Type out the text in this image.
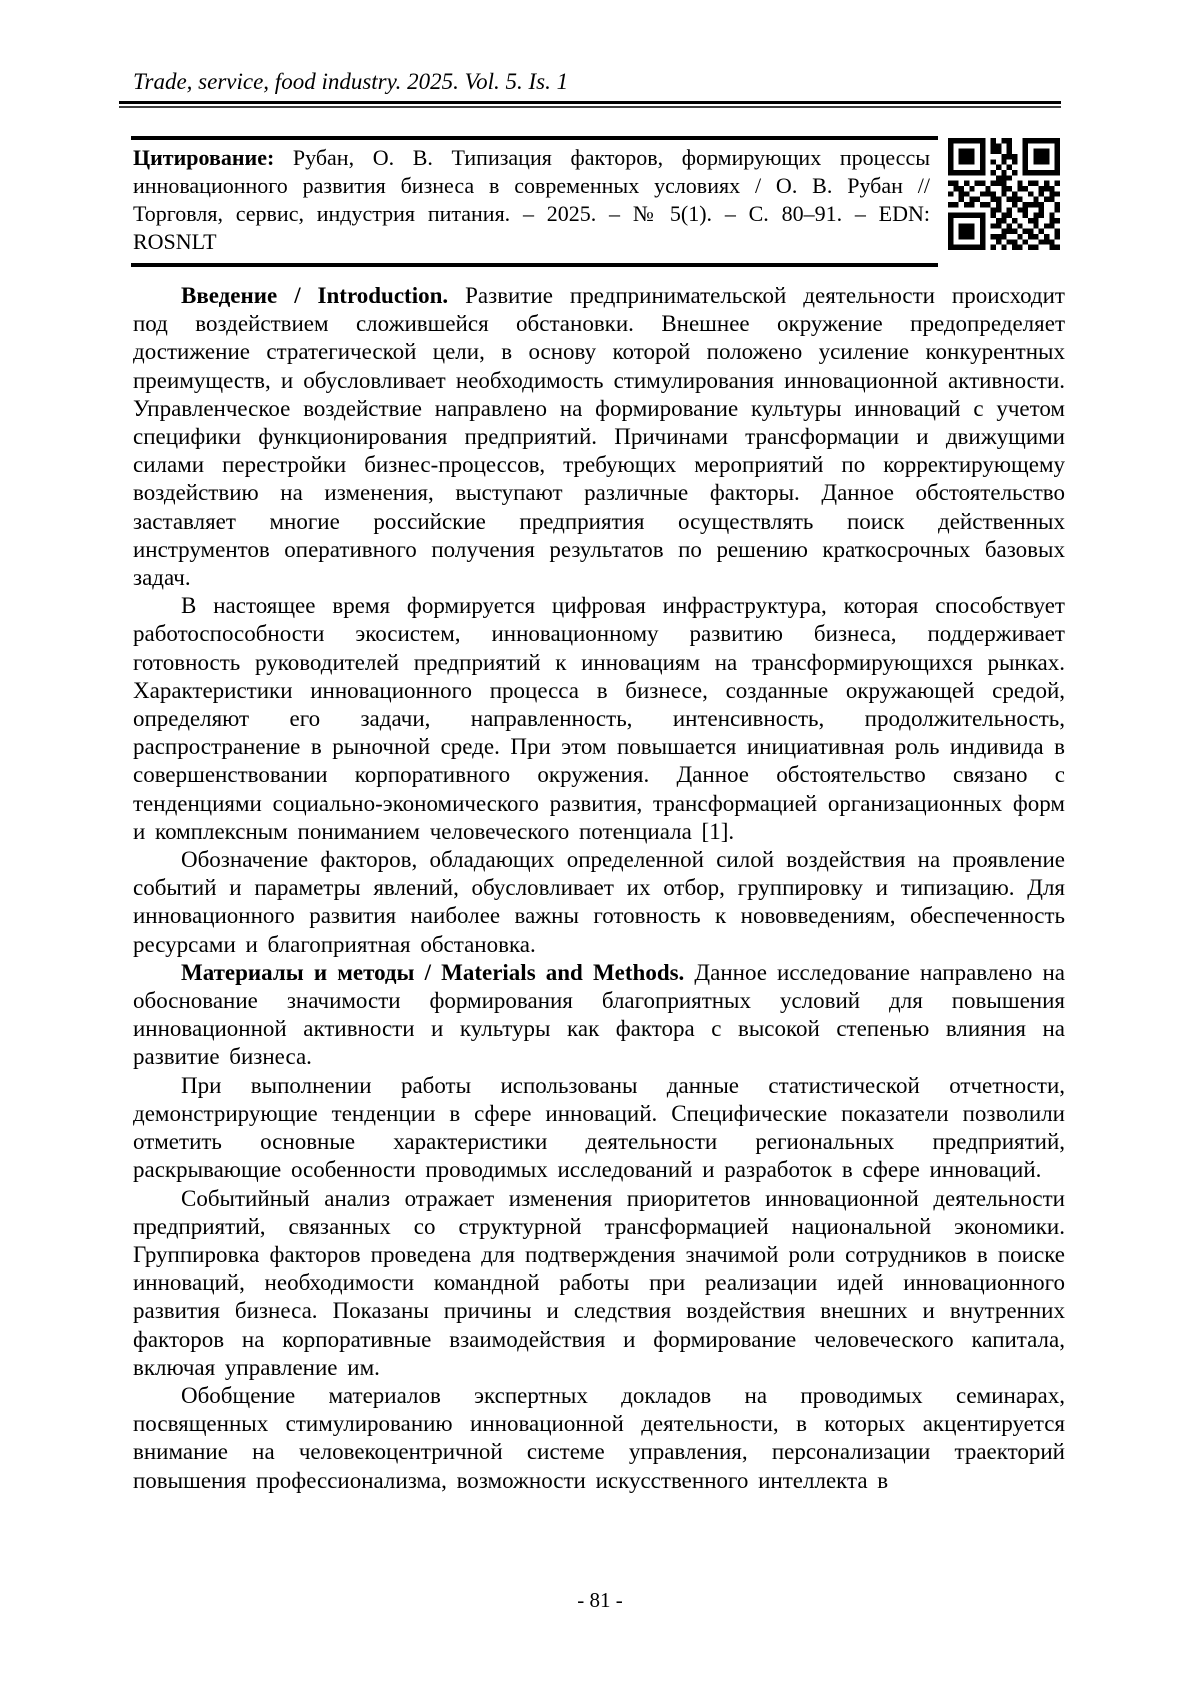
Trade, service, food industry. 2025. Vol. 5. Is. 1
Цитирование: Рубан, О. В. Типизация факторов, формирующих процессы инновационного развития бизнеса в современных условиях / О. В. Рубан // Торговля, сервис, индустрия питания. – 2025. – № 5(1). – С. 80–91. – EDN: ROSNLT

Введение / Introduction. Развитие предпринимательской деятельности происходит под воздействием сложившейся обстановки. Внешнее окружение предопределяет достижение стратегической цели, в основу которой положено усиление конкурентных преимуществ, и обусловливает необходимость стимулирования инновационной активности. Управленческое воздействие направлено на формирование культуры инноваций с учетом специфики функционирования предприятий. Причинами трансформации и движущими силами перестройки бизнес-процессов, требующих мероприятий по корректирующему воздействию на изменения, выступают различные факторы. Данное обстоятельство заставляет многие российские предприятия осуществлять поиск действенных инструментов оперативного получения результатов по решению краткосрочных базовых задач.

В настоящее время формируется цифровая инфраструктура, которая способствует работоспособности экосистем, инновационному развитию бизнеса, поддерживает готовность руководителей предприятий к инновациям на трансформирующихся рынках. Характеристики инновационного процесса в бизнесе, созданные окружающей средой, определяют его задачи, направленность, интенсивность, продолжительность, распространение в рыночной среде. При этом повышается инициативная роль индивида в совершенствовании корпоративного окружения. Данное обстоятельство связано с тенденциями социально-экономического развития, трансформацией организационных форм и комплексным пониманием человеческого потенциала [1].

Обозначение факторов, обладающих определенной силой воздействия на проявление событий и параметры явлений, обусловливает их отбор, группировку и типизацию. Для инновационного развития наиболее важны готовность к нововведениям, обеспеченность ресурсами и благоприятная обстановка.

Материалы и методы / Materials and Methods. Данное исследование направлено на обоснование значимости формирования благоприятных условий для повышения инновационной активности и культуры как фактора с высокой степенью влияния на развитие бизнеса.

При выполнении работы использованы данные статистической отчетности, демонстрирующие тенденции в сфере инноваций. Специфические показатели позволили отметить основные характеристики деятельности региональных предприятий, раскрывающие особенности проводимых исследований и разработок в сфере инноваций.

Событийный анализ отражает изменения приоритетов инновационной деятельности предприятий, связанных со структурной трансформацией национальной экономики. Группировка факторов проведена для подтверждения значимой роли сотрудников в поиске инноваций, необходимости командной работы при реализации идей инновационного развития бизнеса. Показаны причины и следствия воздействия внешних и внутренних факторов на корпоративные взаимодействия и формирование человеческого капитала, включая управление им.

Обобщение материалов экспертных докладов на проводимых семинарах, посвященных стимулированию инновационной деятельности, в которых акцентируется внимание на человекоцентричной системе управления, персонализации траекторий повышения профессионализма, возможности искусственного интеллекта в

- 81 -
